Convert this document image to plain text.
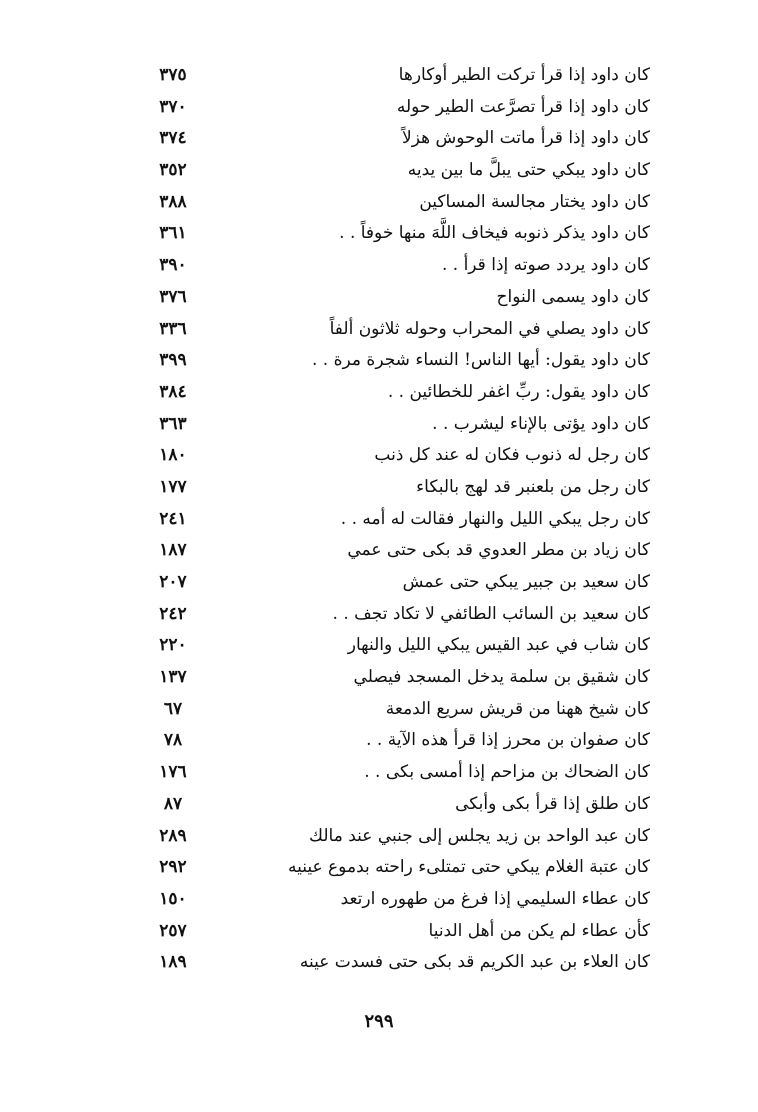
كان داود إذا قرأ تركت الطير أوكارها
٣٧٥
كان داود إذا قرأ تصرَّعت الطير حوله
٣٧٠
كان داود إذا قرأ ماتت الوحوش هزلاً
٣٧٤
كان داود يبكي حتى يبلَّ ما بين يديه
٣٥٢
كان داود يختار مجالسة المساكين
٣٨٨
كان داود يذكر ذنوبه فيخاف اللَّهَ منها خوفاً . .
٣٦١
كان داود يردد صوته إذا قرأ . .
٣٩٠
كان داود يسمى النواح
٣٧٦
كان داود يصلي في المحراب وحوله ثلاثون ألفاً
٣٣٦
كان داود يقول: أيها الناس! النساء شجرة مرة . .
٣٩٩
كان داود يقول: ربِّ اغفر للخطائين . .
٣٨٤
كان داود يؤتى بالإناء ليشرب . .
٣٦٣
كان رجل له ذنوب فكان له عند كل ذنب
١٨٠
كان رجل من بلعنبر قد لهج بالبكاء
١٧٧
كان رجل يبكي الليل والنهار فقالت له أمه . .
٢٤١
كان زياد بن مطر العدوي قد بكى حتى عمي
١٨٧
كان سعيد بن جبير يبكي حتى عمش
٢٠٧
كان سعيد بن السائب الطائفي لا تكاد تجف . .
٢٤٢
كان شاب في عبد القيس يبكي الليل والنهار
٢٢٠
كان شقيق بن سلمة يدخل المسجد فيصلي
١٣٧
كان شيخ ههنا من قريش سريع الدمعة
٦٧
كان صفوان بن محرز إذا قرأ هذه الآية . .
٧٨
كان الضحاك بن مزاحم إذا أمسى بكى . .
١٧٦
كان طلق إذا قرأ بكى وأبكى
٨٧
كان عبد الواحد بن زيد يجلس إلى جنبي عند مالك
٢٨٩
كان عتبة الغلام يبكي حتى تمتلىء راحته بدموع عينيه
٢٩٢
كان عطاء السليمي إذا فرغ من طهوره ارتعد
١٥٠
كأن عطاء لم يكن من أهل الدنيا
٢٥٧
كان العلاء بن عبد الكريم قد بكى حتى فسدت عينه
١٨٩
٢٩٩
